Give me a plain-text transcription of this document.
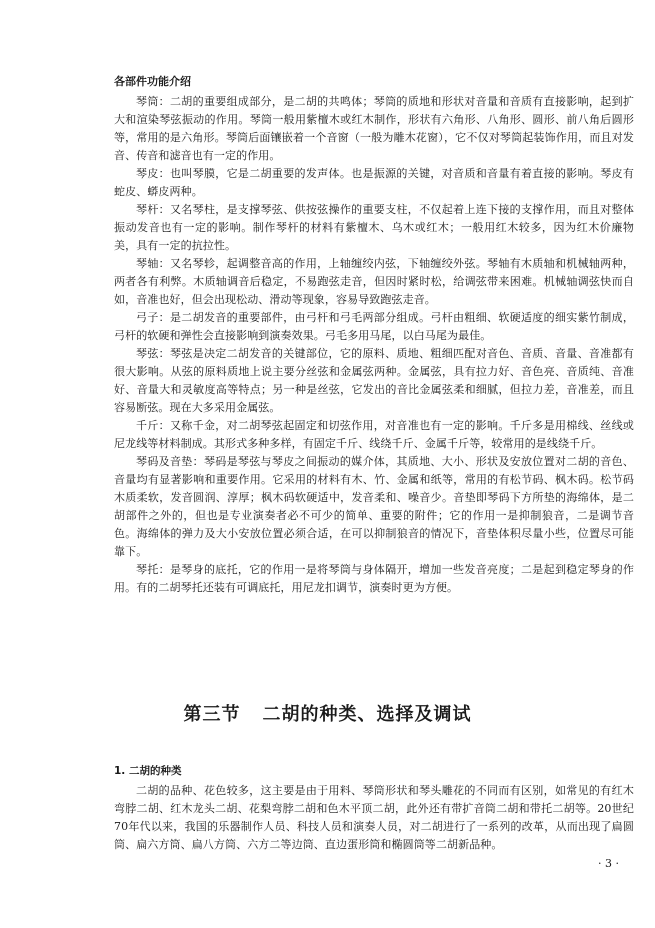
各部件功能介绍

琴筒：二胡的重要组成部分，是二胡的共鸣体；琴筒的质地和形状对音量和音质有直接影响，起到扩大和渲染琴弦振动的作用。琴筒一般用紫檀木或红木制作，形状有六角形、八角形、圆形、前八角后圆形等，常用的是六角形。琴筒后面镶嵌着一个音窗（一般为雕木花窗），它不仅对琴筒起装饰作用，而且对发音、传音和滤音也有一定的作用。

琴皮：也叫琴膜，它是二胡重要的发声体。也是振源的关键，对音质和音量有着直接的影响。琴皮有蛇皮、蟒皮两种。

琴杆：又名琴柱，是支撑琴弦、供按弦操作的重要支柱，不仅起着上连下接的支撑作用，而且对整体振动发音也有一定的影响。制作琴杆的材料有紫檀木、乌木或红木；一般用红木较多，因为红木价廉物美，具有一定的抗拉性。

琴轴：又名琴轸，起调整音高的作用，上轴缠绞内弦，下轴缠绞外弦。琴轴有木质轴和机械轴两种，两者各有利弊。木质轴调音后稳定，不易跑弦走音，但因时紧时松，给调弦带来困难。机械轴调弦快而自如，音准也好，但会出现松动、滑动等现象，容易导致跑弦走音。

弓子：是二胡发音的重要部件，由弓杆和弓毛两部分组成。弓杆由粗细、软硬适度的细实紫竹制成，弓杆的软硬和弹性会直接影响到演奏效果。弓毛多用马尾，以白马尾为最佳。

琴弦：琴弦是决定二胡发音的关键部位，它的原料、质地、粗细匹配对音色、音质、音量、音准都有很大影响。从弦的原料质地上说主要分丝弦和金属弦两种。金属弦，具有拉力好、音色亮、音质纯、音准好、音量大和灵敏度高等特点；另一种是丝弦，它发出的音比金属弦柔和细腻，但拉力差，音准差，而且容易断弦。现在大多采用金属弦。

千斤：又称千金，对二胡琴弦起固定和切弦作用，对音准也有一定的影响。千斤多是用棉线、丝线或尼龙线等材料制成。其形式多种多样，有固定千斤、线绕千斤、金属千斤等，较常用的是线绕千斤。

琴码及音垫：琴码是琴弦与琴皮之间振动的媒介体，其质地、大小、形状及安放位置对二胡的音色、音量均有显著影响和重要作用。它采用的材料有木、竹、金属和纸等，常用的有松节码、枫木码。松节码木质柔软，发音圆润、淳厚；枫木码软硬适中，发音柔和、噪音少。音垫即琴码下方所垫的海绵体，是二胡部件之外的，但也是专业演奏者必不可少的简单、重要的附件；它的作用一是抑制狼音，二是调节音色。海绵体的弹力及大小安放位置必须合适，在可以抑制狼音的情况下，音垫体积尽量小些，位置尽可能靠下。

琴托：是琴身的底托，它的作用一是将琴筒与身体隔开，增加一些发音亮度；二是起到稳定琴身的作用。有的二胡琴托还装有可调底托，用尼龙扣调节，演奏时更为方便。

第三节 二胡的种类、选择及调试
1. 二胡的种类

二胡的品种、花色较多，这主要是由于用料、琴筒形状和琴头雕花的不同而有区别，如常见的有红木弯脖二胡、红木龙头二胡、花梨弯脖二胡和色木平顶二胡，此外还有带扩音筒二胡和带托二胡等。20世纪70年代以来，我国的乐器制作人员、科技人员和演奏人员，对二胡进行了一系列的改革，从而出现了扁圆筒、扁六方筒、扁八方筒、六方二等边筒、直边蛋形筒和椭圆筒等二胡新品种。

· 3 ·
